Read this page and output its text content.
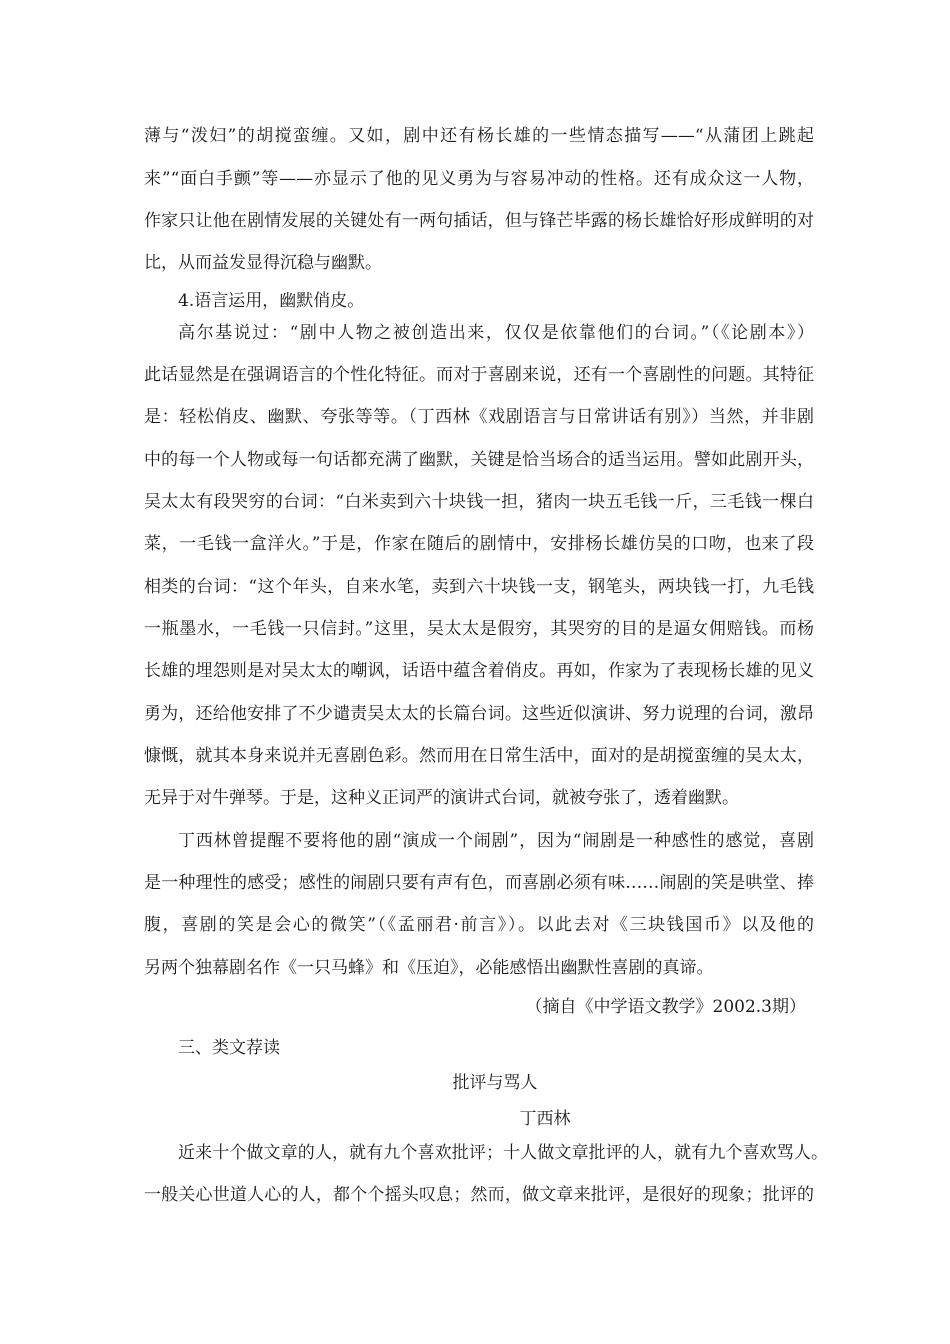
薄与“泼妇”的胡搅蛮缠。又如，剧中还有杨长雄的一些情态描写——“从蒲团上跳起
来”“面白手颤”等——亦显示了他的见义勇为与容易冲动的性格。还有成众这一人物，
作家只让他在剧情发展的关键处有一两句插话，但与锋芒毕露的杨长雄恰好形成鲜明的对
比，从而益发显得沉稳与幽默。
4.语言运用，幽默俏皮。
高尔基说过：“剧中人物之被创造出来，仅仅是依靠他们的台词。”（《论剧本》）
此话显然是在强调语言的个性化特征。而对于喜剧来说，还有一个喜剧性的问题。其特征
是：轻松俏皮、幽默、夸张等等。（丁西林《戏剧语言与日常讲话有别》）当然，并非剧
中的每一个人物或每一句话都充满了幽默，关键是恰当场合的适当运用。譬如此剧开头，
吴太太有段哭穷的台词：“白米卖到六十块钱一担，猪肉一块五毛钱一斤，三毛钱一棵白
菜，一毛钱一盒洋火。”于是，作家在随后的剧情中，安排杨长雄仿吴的口吻，也来了段
相类的台词：“这个年头，自来水笔，卖到六十块钱一支，钢笔头，两块钱一打，九毛钱
一瓶墨水，一毛钱一只信封。”这里，吴太太是假穷，其哭穷的目的是逼女佣赔钱。而杨
长雄的埋怨则是对吴太太的嘲讽，话语中蕴含着俏皮。再如，作家为了表现杨长雄的见义
勇为，还给他安排了不少谴责吴太太的长篇台词。这些近似演讲、努力说理的台词，激昂
慷慨，就其本身来说并无喜剧色彩。然而用在日常生活中，面对的是胡搅蛮缠的吴太太，
无异于对牛弹琴。于是，这种义正词严的演讲式台词，就被夸张了，透着幽默。
丁西林曾提醒不要将他的剧“演成一个闹剧”，因为“闹剧是一种感性的感觉，喜剧
是一种理性的感受；感性的闹剧只要有声有色，而喜剧必须有味……闹剧的笑是哄堂、捧
腹，喜剧的笑是会心的微笑”（《孟丽君·前言》）。以此去对《三块钱国币》以及他的
另两个独幕剧名作《一只马蜂》和《压迫》，必能感悟出幽默性喜剧的真谛。
（摘自《中学语文教学》2002.3期）
三、类文荐读
批评与骂人
丁西林
近来十个做文章的人，就有九个喜欢批评；十人做文章批评的人，就有九个喜欢骂人。
一般关心世道人心的人，都个个摇头叹息；然而，做文章来批评，是很好的现象；批评的
